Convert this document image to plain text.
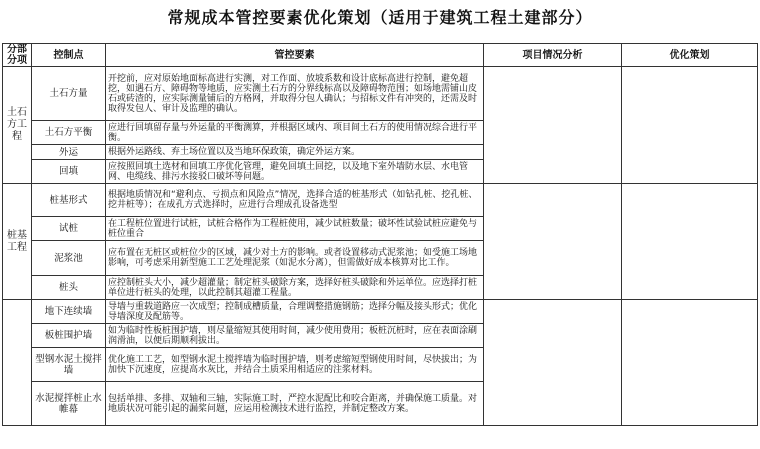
常规成本管控要素优化策划（适用于建筑工程土建部分）
分部分项	控制点	管控要素	项目情况分析	优化策划
土石方工程	土石方量	开挖前，应对原始地面标高进行实测，对工作面、放坡系数和设计底标高进行控制，避免超挖，如遇石方、障碍物等地质，应实测土石方的分界线标高以及障碍物范围；如场地需铺山皮石或砖渣的，应实际测量铺后的方格网，并取得分包人确认；与招标文件有冲突的，还需及时取得发包人、审计及监理的确认。		
	土石方平衡	应进行回填留存量与外运量的平衡测算，并根据区域内、项目间土石方的使用情况综合进行平衡。		
	外运	根据外运路线、弃土场位置以及当地环保政策，确定外运方案。		
	回填	应按照回填土选材和回填工序优化管理，避免回填土回挖，以及地下室外墙防水层、水电管网、电缆线、排污水接驳口破坏等问题。		
桩基工程	桩基形式	根据地质情况和“避利点、亏损点和风险点”情况，选择合适的桩基形式（如钻孔桩、挖孔桩、挖井桩等）；在成孔方式选择时，应进行合理成孔设备选型		
	试桩	在工程桩位置进行试桩，试桩合格作为工程桩使用，减少试桩数量；破坏性试验试桩应避免与桩位重合		
	泥浆池	应布置在无桩区或桩位少的区域，减少对土方的影响。或者设置移动式泥浆池；如受施工场地影响，可考虑采用新型施工工艺处理泥浆（如泥水分离），但需做好成本核算对比工作。		
	桩头	应控制桩头大小，减少超灌量；制定桩头破除方案，选择好桩头破除和外运单位。应选择打桩单位进行桩头的处理，以此控制其超灌工程量。		
	地下连续墙	导墙与重载道路应一次成型；控制成槽质量，合理调整措施钢筋；选择分幅及接头形式；优化导墙深度及配筋等。		
	板桩围护墙	如为临时性板桩围护墙，则尽量缩短其使用时间，减少使用费用；板桩沉桩时，应在表面涂刷润滑油，以便后期顺利拔出。		
	型钢水泥土搅拌墙	优化施工工艺，如型钢水泥土搅拌墙为临时围护墙，则考虑缩短型钢使用时间，尽快拔出；为加快下沉速度，应提高水灰比，并结合土质采用相适应的注浆材料。		
	水泥搅拌桩止水帷幕	包括单排、多排、双轴和三轴，实际施工时，严控水泥配比和咬合距离，并确保施工质量。对地质状况可能引起的漏桨问题，应运用检测技术进行监控，并制定整改方案。		
